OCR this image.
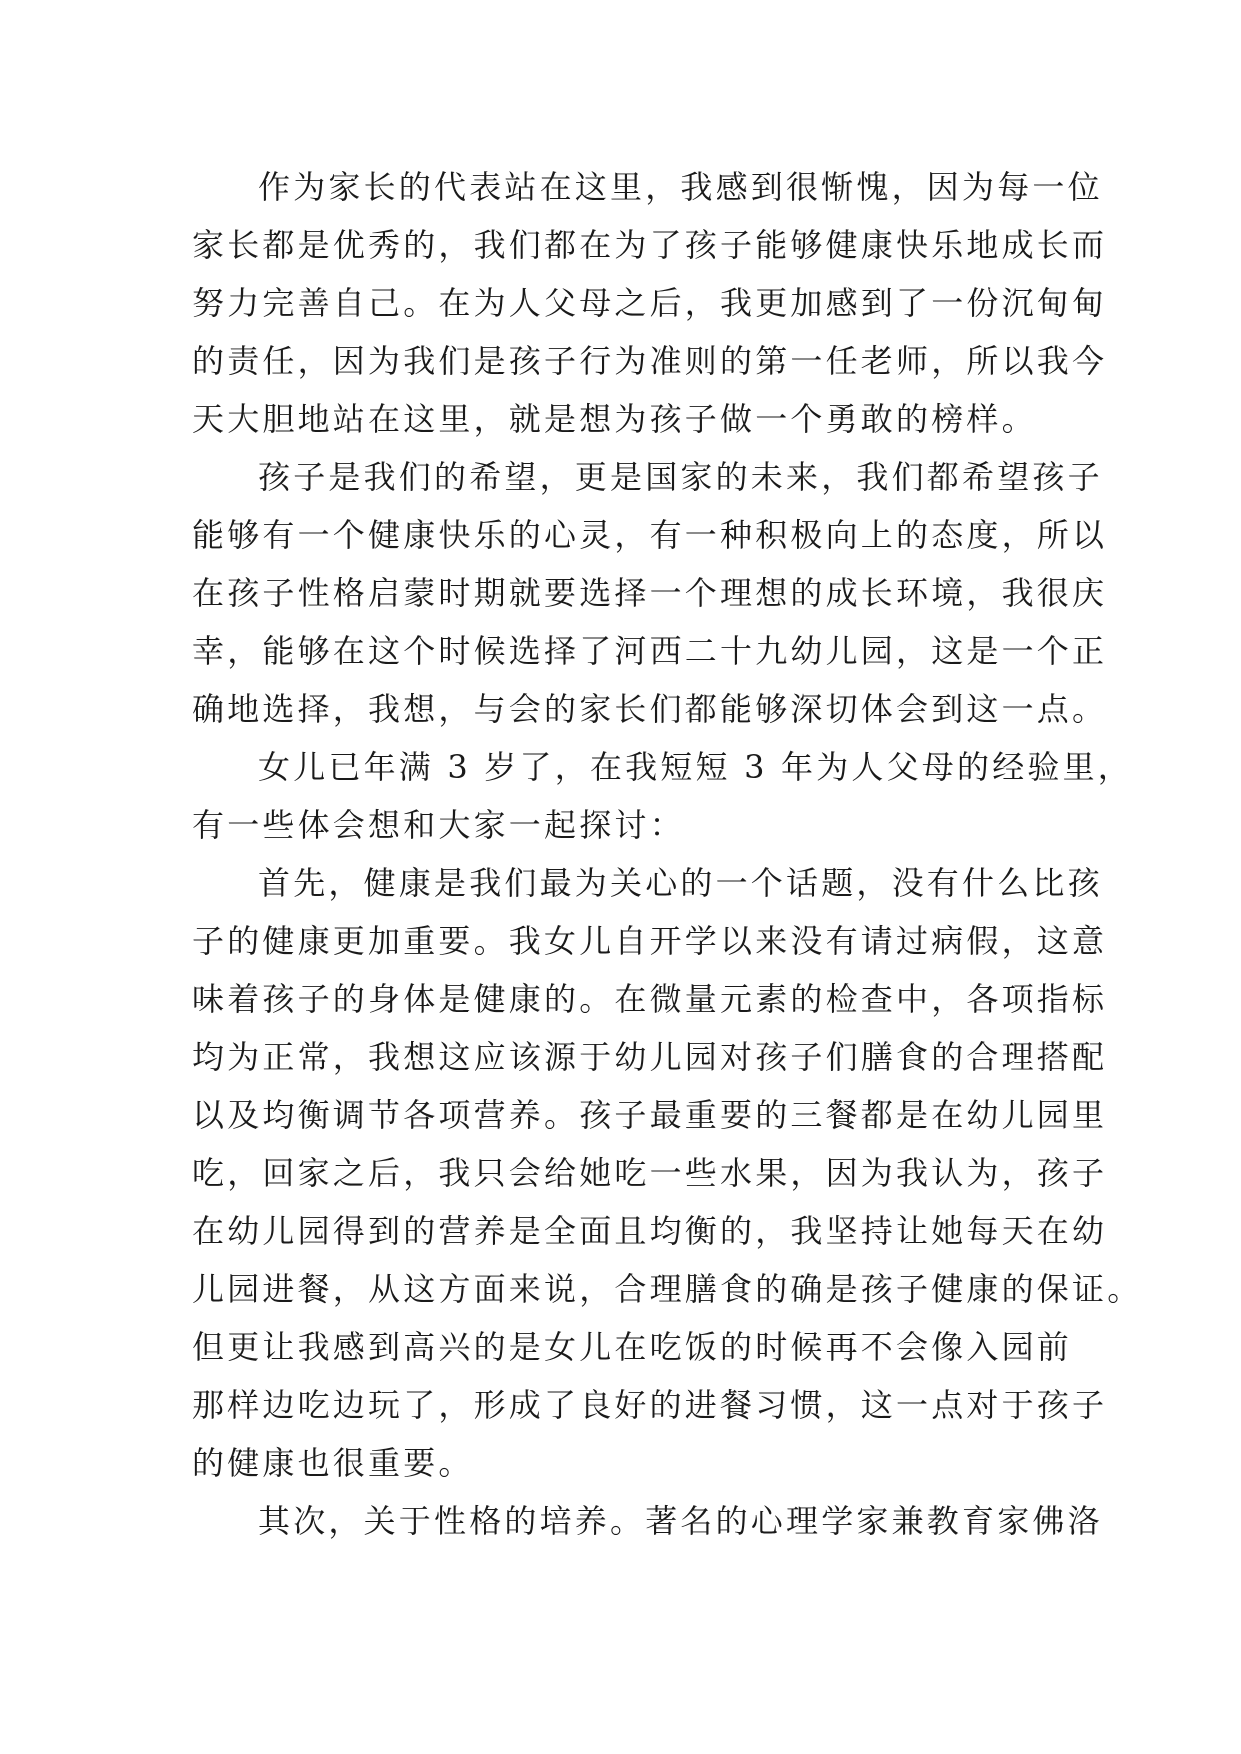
作为家长的代表站在这里，我感到很惭愧，因为每一位
家长都是优秀的，我们都在为了孩子能够健康快乐地成长而
努力完善自己。在为人父母之后，我更加感到了一份沉甸甸
的责任，因为我们是孩子行为准则的第一任老师，所以我今
天大胆地站在这里，就是想为孩子做一个勇敢的榜样。
孩子是我们的希望，更是国家的未来，我们都希望孩子
能够有一个健康快乐的心灵，有一种积极向上的态度，所以
在孩子性格启蒙时期就要选择一个理想的成长环境，我很庆
幸，能够在这个时候选择了河西二十九幼儿园，这是一个正
确地选择，我想，与会的家长们都能够深切体会到这一点。
女儿已年满 3 岁了，在我短短 3 年为人父母的经验里，
有一些体会想和大家一起探讨：
首先，健康是我们最为关心的一个话题，没有什么比孩
子的健康更加重要。我女儿自开学以来没有请过病假，这意
味着孩子的身体是健康的。在微量元素的检查中，各项指标
均为正常，我想这应该源于幼儿园对孩子们膳食的合理搭配
以及均衡调节各项营养。孩子最重要的三餐都是在幼儿园里
吃，回家之后，我只会给她吃一些水果，因为我认为，孩子
在幼儿园得到的营养是全面且均衡的，我坚持让她每天在幼
儿园进餐，从这方面来说，合理膳食的确是孩子健康的保证。
但更让我感到高兴的是女儿在吃饭的时候再不会像入园前
那样边吃边玩了，形成了良好的进餐习惯，这一点对于孩子
的健康也很重要。
其次，关于性格的培养。著名的心理学家兼教育家佛洛
